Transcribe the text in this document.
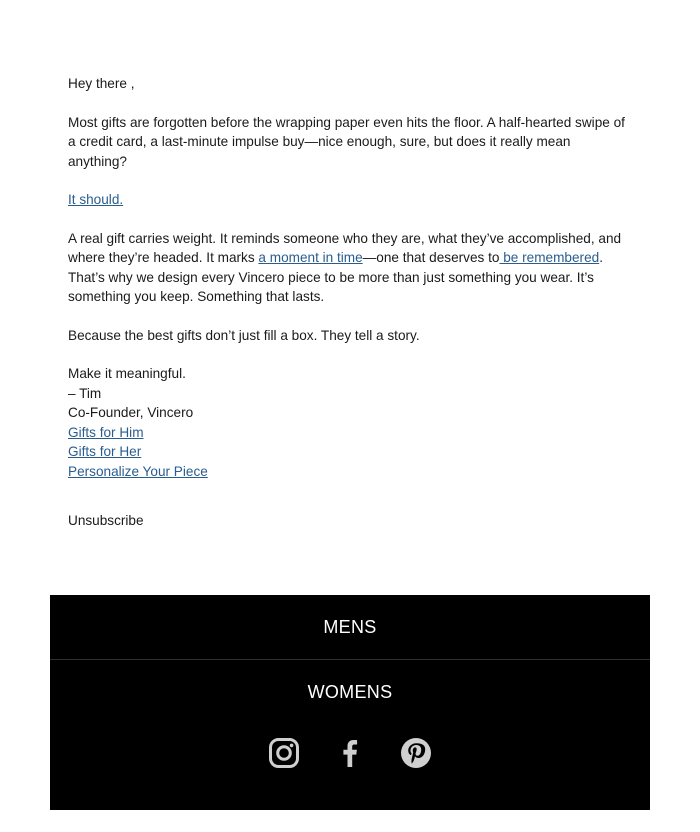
Hey there ,

Most gifts are forgotten before the wrapping paper even hits the floor. A half-hearted swipe of a credit card, a last-minute impulse buy—nice enough, sure, but does it really mean anything?

It should.

A real gift carries weight. It reminds someone who they are, what they’ve accomplished, and where they’re headed. It marks a moment in time—one that deserves to be remembered. That’s why we design every Vincero piece to be more than just something you wear. It’s something you keep. Something that lasts.

Because the best gifts don’t just fill a box. They tell a story.

Make it meaningful.

– Tim

Co-Founder, Vincero

Gifts for Him
Gifts for Her
Personalize Your Piece
Unsubscribe
MENS
WOMENS
